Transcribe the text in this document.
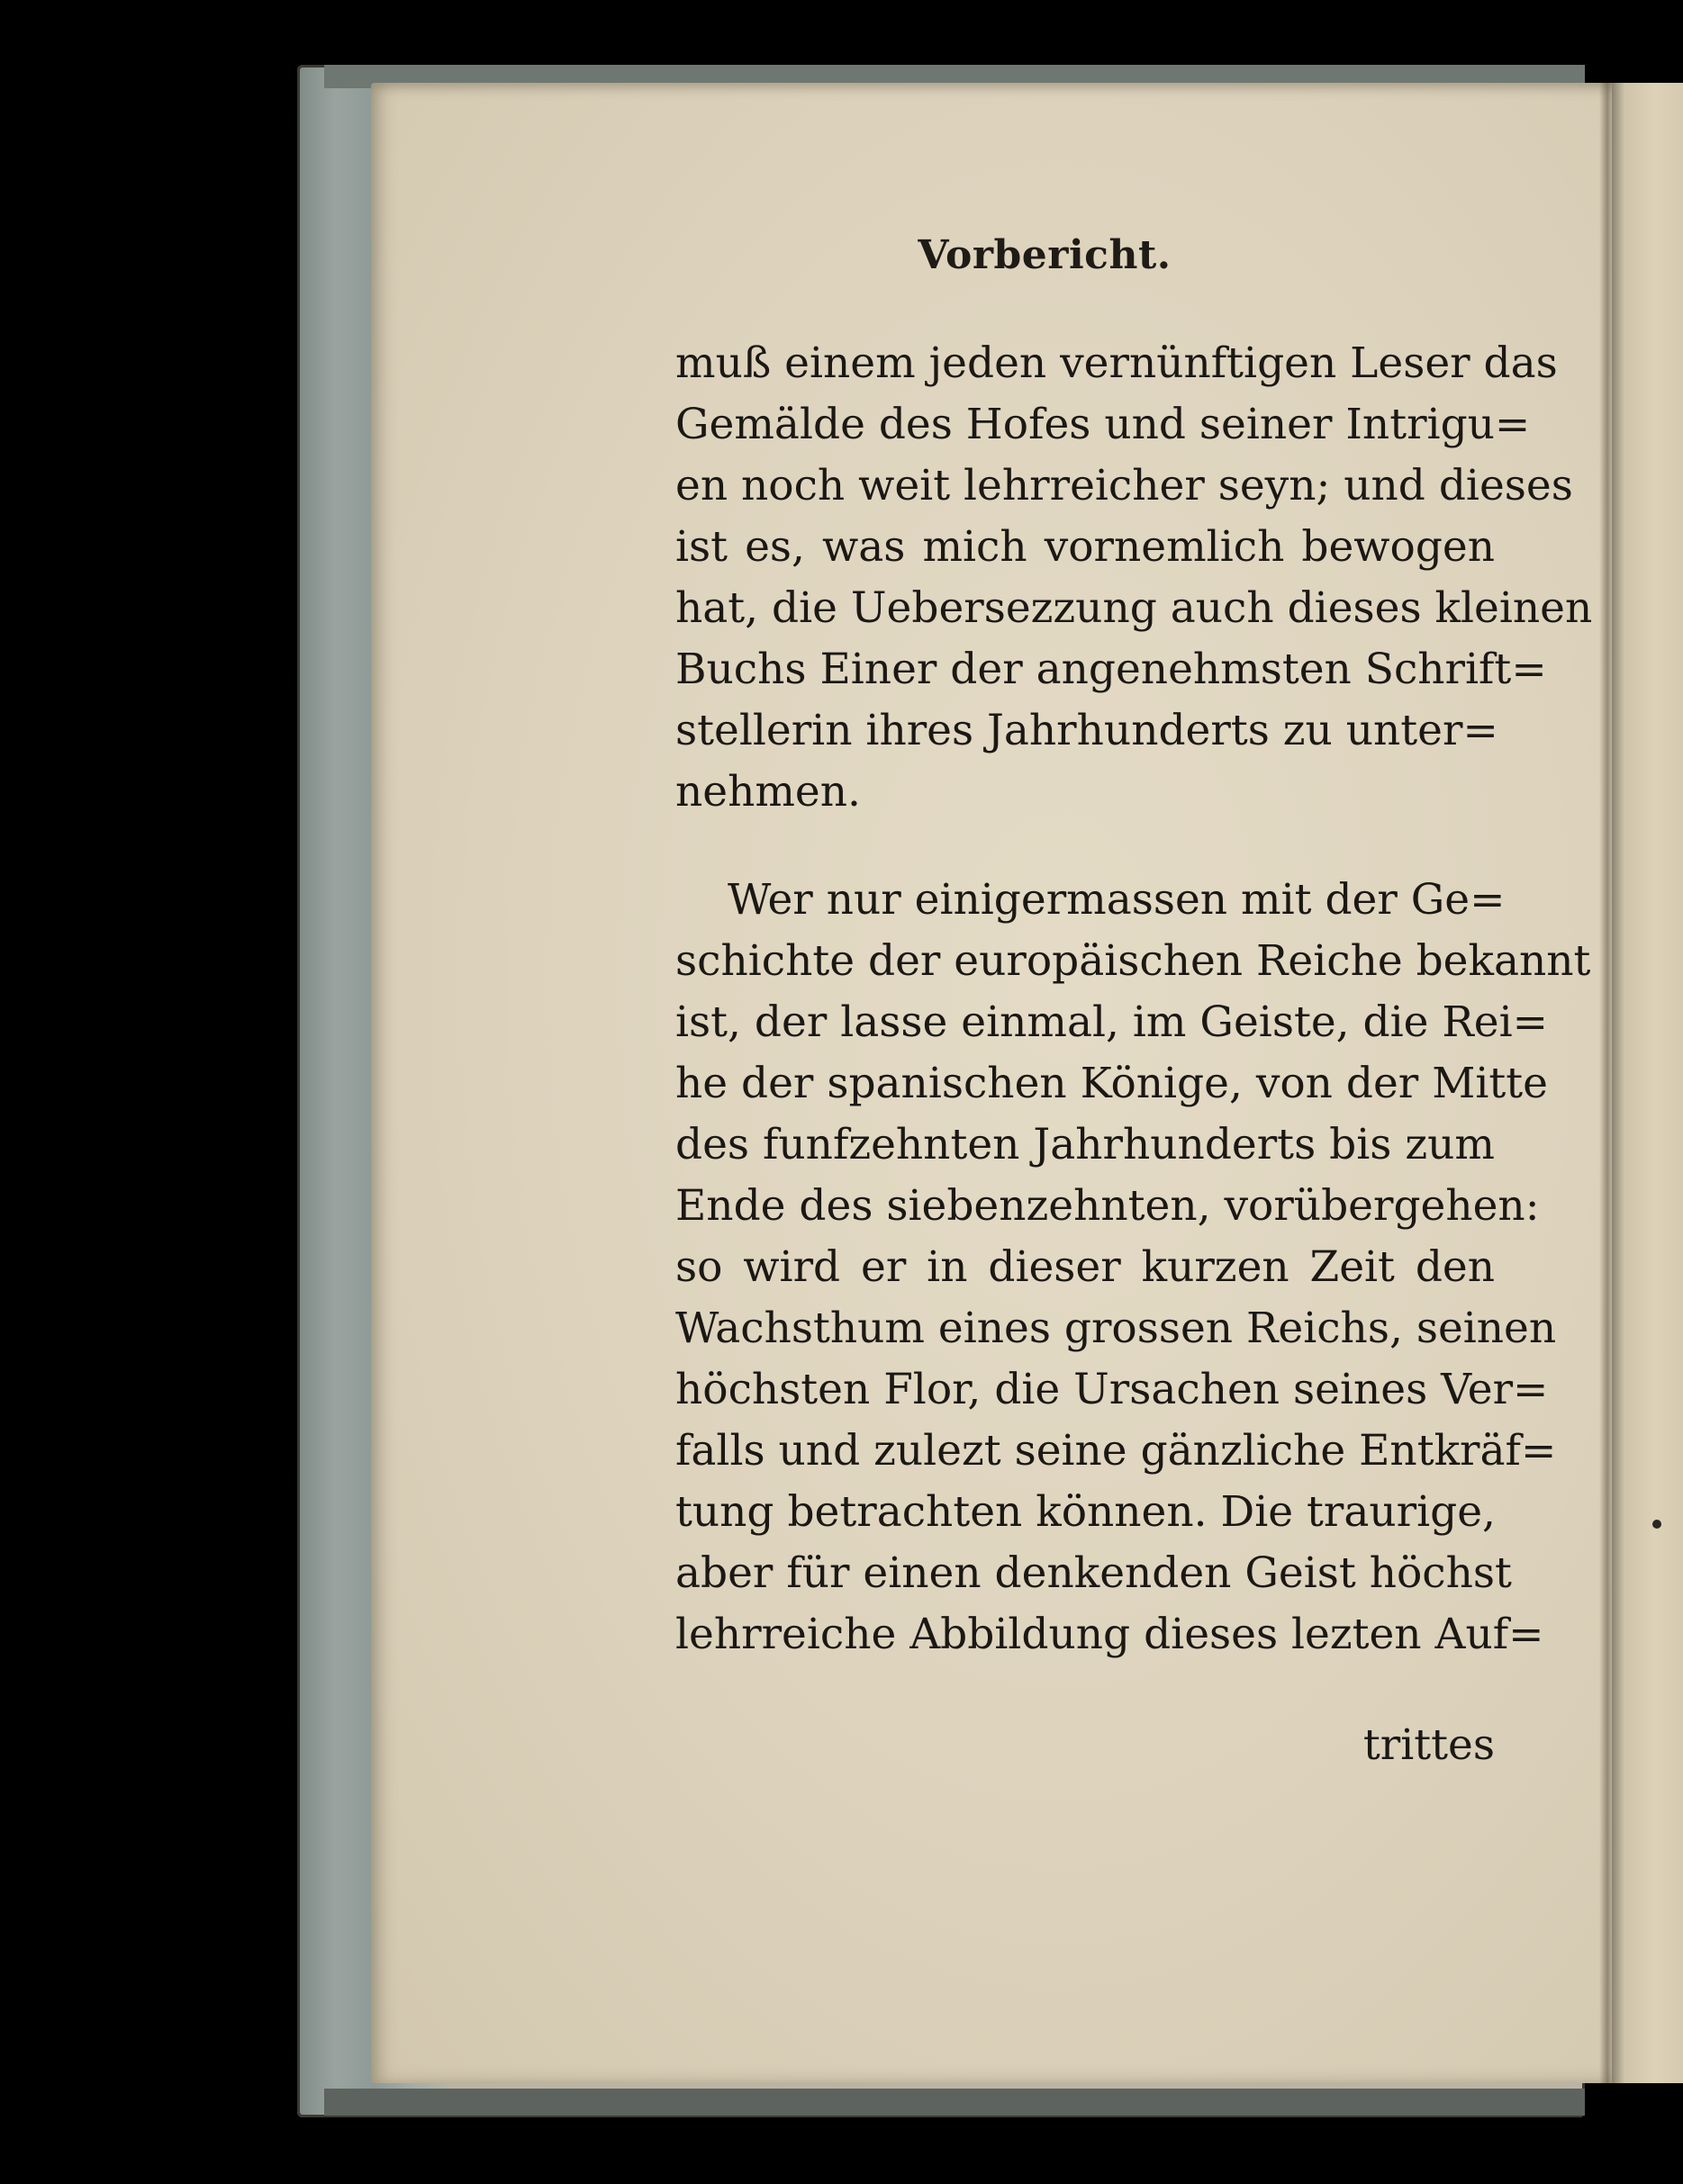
Vorbericht.
muß einem jeden vernünftigen Leser das
Gemälde des Hofes und seiner Intrigu=
en noch weit lehrreicher seyn; und dieses
ist es, was mich vornemlich bewogen
hat, die Uebersezzung auch dieses kleinen
Buchs Einer der angenehmsten Schrift=
stellerin ihres Jahrhunderts zu unter=
nehmen.
Wer nur einigermassen mit der Ge=
schichte der europäischen Reiche bekannt
ist, der lasse einmal, im Geiste, die Rei=
he der spanischen Könige, von der Mitte
des funfzehnten Jahrhunderts bis zum
Ende des siebenzehnten, vorübergehen:
so wird er in dieser kurzen Zeit den
Wachsthum eines grossen Reichs, seinen
höchsten Flor, die Ursachen seines Ver=
falls und zulezt seine gänzliche Entkräf=
tung betrachten können. Die traurige,
aber für einen denkenden Geist höchst
lehrreiche Abbildung dieses lezten Auf=
trittes
